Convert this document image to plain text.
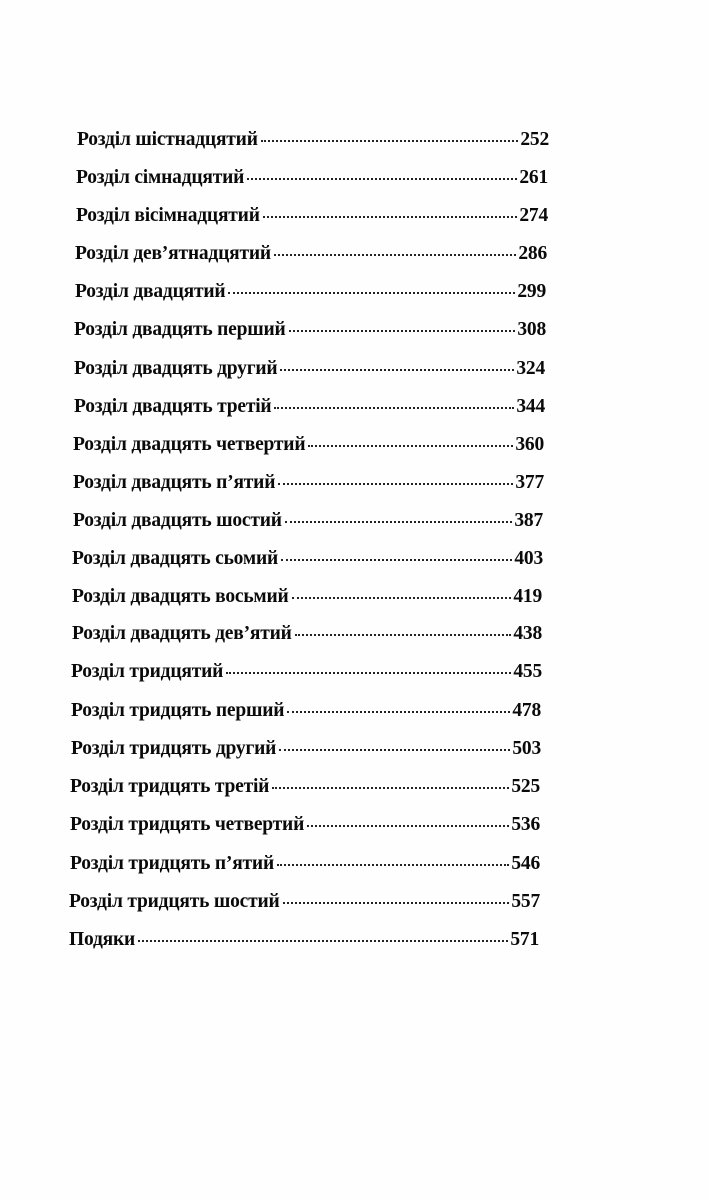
Розділ шістнадцятий	252
Розділ сімнадцятий	261
Розділ вісімнадцятий	274
Розділ дев’ятнадцятий	286
Розділ двадцятий	299
Розділ двадцять перший	308
Розділ двадцять другий	324
Розділ двадцять третій	344
Розділ двадцять четвертий	360
Розділ двадцять п’ятий	377
Розділ двадцять шостий	387
Розділ двадцять сьомий	403
Розділ двадцять восьмий	419
Розділ двадцять дев’ятий	438
Розділ тридцятий	455
Розділ тридцять перший	478
Розділ тридцять другий	503
Розділ тридцять третій	525
Розділ тридцять четвертий	536
Розділ тридцять п’ятий	546
Розділ тридцять шостий	557
Подяки	571
